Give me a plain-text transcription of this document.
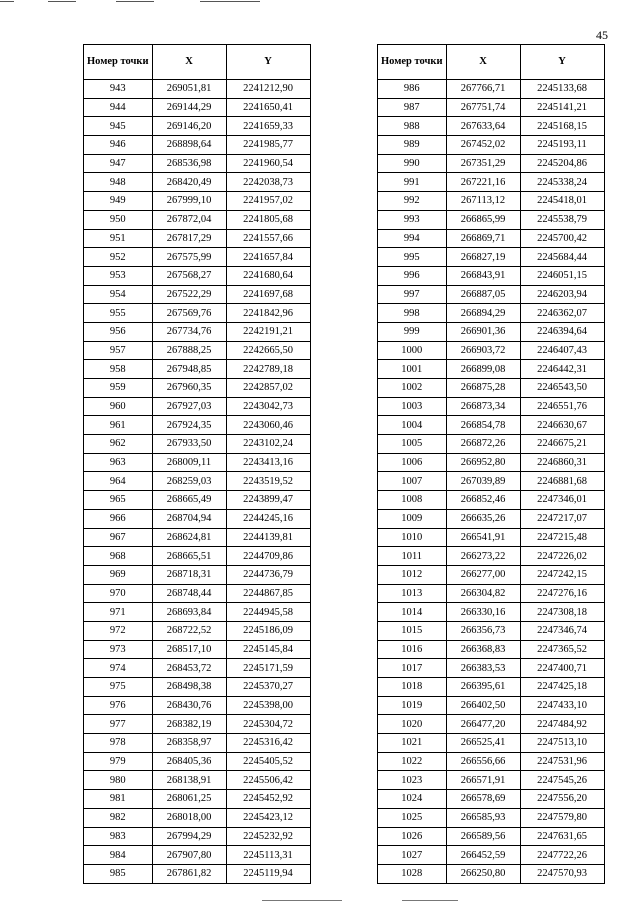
45
Номер точки	X	Y
943	269051,81	2241212,90
944	269144,29	2241650,41
945	269146,20	2241659,33
946	268898,64	2241985,77
947	268536,98	2241960,54
948	268420,49	2242038,73
949	267999,10	2241957,02
950	267872,04	2241805,68
951	267817,29	2241557,66
952	267575,99	2241657,84
953	267568,27	2241680,64
954	267522,29	2241697,68
955	267569,76	2241842,96
956	267734,76	2242191,21
957	267888,25	2242665,50
958	267948,85	2242789,18
959	267960,35	2242857,02
960	267927,03	2243042,73
961	267924,35	2243060,46
962	267933,50	2243102,24
963	268009,11	2243413,16
964	268259,03	2243519,52
965	268665,49	2243899,47
966	268704,94	2244245,16
967	268624,81	2244139,81
968	268665,51	2244709,86
969	268718,31	2244736,79
970	268748,44	2244867,85
971	268693,84	2244945,58
972	268722,52	2245186,09
973	268517,10	2245145,84
974	268453,72	2245171,59
975	268498,38	2245370,27
976	268430,76	2245398,00
977	268382,19	2245304,72
978	268358,97	2245316,42
979	268405,36	2245405,52
980	268138,91	2245506,42
981	268061,25	2245452,92
982	268018,00	2245423,12
983	267994,29	2245232,92
984	267907,80	2245113,31
985	267861,82	2245119,94
Номер точки	X	Y
986	267766,71	2245133,68
987	267751,74	2245141,21
988	267633,64	2245168,15
989	267452,02	2245193,11
990	267351,29	2245204,86
991	267221,16	2245338,24
992	267113,12	2245418,01
993	266865,99	2245538,79
994	266869,71	2245700,42
995	266827,19	2245684,44
996	266843,91	2246051,15
997	266887,05	2246203,94
998	266894,29	2246362,07
999	266901,36	2246394,64
1000	266903,72	2246407,43
1001	266899,08	2246442,31
1002	266875,28	2246543,50
1003	266873,34	2246551,76
1004	266854,78	2246630,67
1005	266872,26	2246675,21
1006	266952,80	2246860,31
1007	267039,89	2246881,68
1008	266852,46	2247346,01
1009	266635,26	2247217,07
1010	266541,91	2247215,48
1011	266273,22	2247226,02
1012	266277,00	2247242,15
1013	266304,82	2247276,16
1014	266330,16	2247308,18
1015	266356,73	2247346,74
1016	266368,83	2247365,52
1017	266383,53	2247400,71
1018	266395,61	2247425,18
1019	266402,50	2247433,10
1020	266477,20	2247484,92
1021	266525,41	2247513,10
1022	266556,66	2247531,96
1023	266571,91	2247545,26
1024	266578,69	2247556,20
1025	266585,93	2247579,80
1026	266589,56	2247631,65
1027	266452,59	2247722,26
1028	266250,80	2247570,93
